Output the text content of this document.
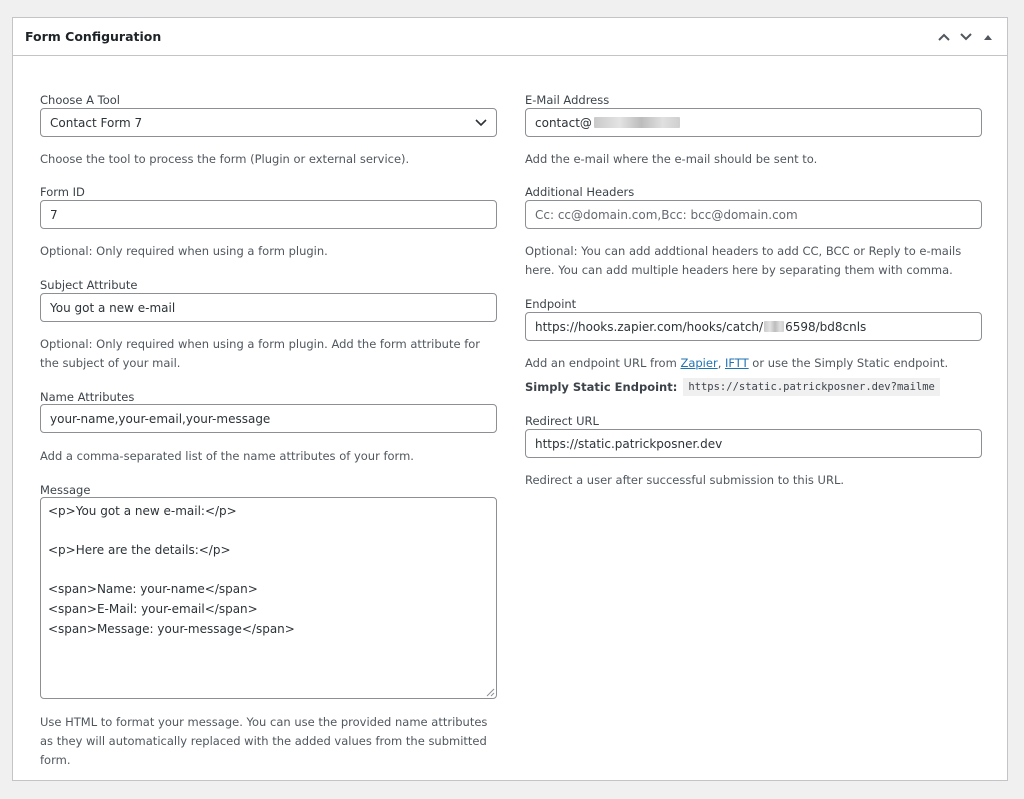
Form Configuration
Choose A Tool
Contact Form 7
Choose the tool to process the form (Plugin or external service).
Form ID
7
Optional: Only required when using a form plugin.
Subject Attribute
You got a new e-mail
Optional: Only required when using a form plugin. Add the form attribute for the subject of your mail.
Name Attributes
your-name,your-email,your-message
Add a comma-separated list of the name attributes of your form.
Message
<p>You got a new e-mail:</p>
<p>Here are the details:</p>
<span>Name: your-name</span>
<span>E-Mail: your-email</span>
<span>Message: your-message</span>
Use HTML to format your message. You can use the provided name attributes as they will automatically replaced with the added values from the submitted form.
E-Mail Address
contact@
Add the e-mail where the e-mail should be sent to.
Additional Headers
Cc: cc@domain.com,Bcc: bcc@domain.com
Optional: You can add addtional headers to add CC, BCC or Reply to e-mails here. You can add multiple headers here by separating them with comma.
Endpoint
https://hooks.zapier.com/hooks/catch/ 6598/bd8cnls
Add an endpoint URL from Zapier, IFTT or use the Simply Static endpoint.
Simply Static Endpoint:	https://static.patrickposner.dev?mailme
Redirect URL
https://static.patrickposner.dev
Redirect a user after successful submission to this URL.
